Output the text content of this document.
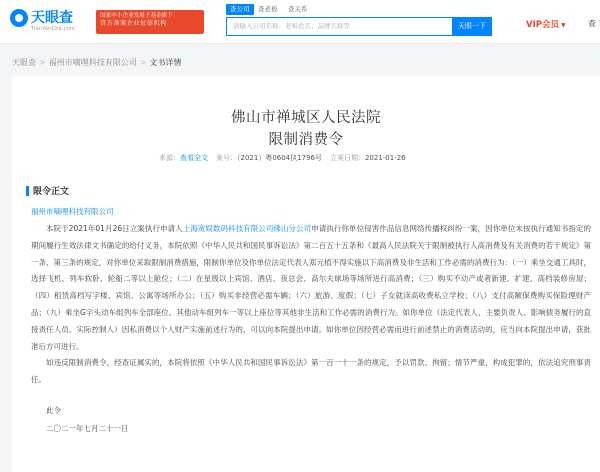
天眼查
TianYanCha.com
国家中小企业发展子基金旗下
官方备案企业征信机构
查公司	查老板	查关系
请输入公司名称、老板姓名、品牌名称等	天眼一下	VIP会员 ▼	查
天眼查 > 福州市嘀哩科技有限公司 > 文书详情
佛山市禅城区人民法院
限制消费令
来源：查看全文 案号：（2021）粤0604执1796号 立案日期：2021-01-26
限令正文
福州市嘀哩科技有限公司

本院于2021年01月26日立案执行申请人上海宽娱数码科技有限公司佛山分公司申请执行你单位侵害作品信息网络传播权纠纷一案，因你单位未按执行通知书指定的期间履行生效法律文书确定的给付义务，本院依照《中华人民共和国民事诉讼法》第二百五十五条和《最高人民法院关于限制被执行人高消费及有关消费的若干规定》第一条、第三条的规定，对你单位采取限制消费措施，限制你单位及你单位法定代表人郑元植不得实施以下高消费及非生活和工作必需的消费行为：（一）乘坐交通工具时，选择飞机、列车软卧、轮船二等以上舱位；（二）在星级以上宾馆、酒店、夜总会、高尔夫球场等场所进行高消费；（三）购买不动产或者新建、扩建、高档装修房屋；（四）租赁高档写字楼、宾馆、公寓等场所办公；（五）购买非经营必需车辆；（六）旅游、度假；（七）子女就读高收费私立学校；（八）支付高额保费购买保险理财产品；（九）乘坐G字头动车组列车全部座位、其他动车组列车一等以上座位等其他非生活和工作必需的消费行为。如你单位（法定代表人、主要负责人、影响债务履行的直接责任人员、实际控制人）因私消费以个人财产实施前述行为的，可以向本院提出申请。如你单位因经营必需而进行前述禁止的消费活动的，应当向本院提出申请，获批准后方可进行。

如违反限制消费令，经查证属实的，本院将依照《中华人民共和国民事诉讼法》第一百一十一条的规定，予以罚款、拘留；情节严重，构成犯罪的，依法追究刑事责任。

此令
二〇二一年七月二十一日
